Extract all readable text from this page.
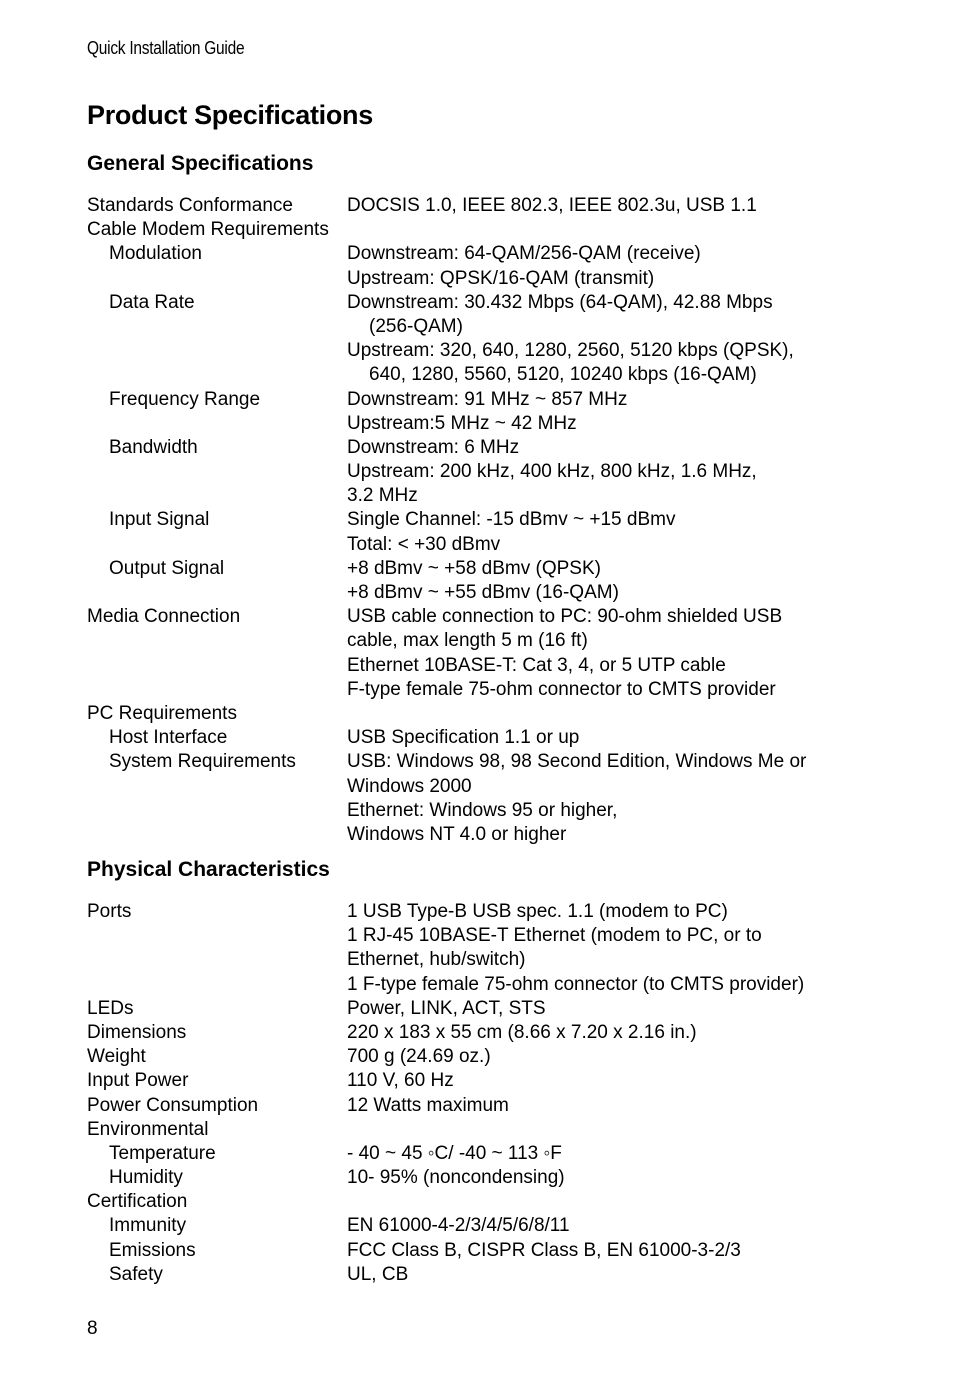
Quick Installation Guide
Product Specifications
General Specifications
Standards Conformance	DOCSIS 1.0, IEEE 802.3, IEEE 802.3u, USB 1.1
Cable Modem Requirements
Modulation	Downstream: 64-QAM/256-QAM (receive)
Upstream: QPSK/16-QAM (transmit)
Data Rate	Downstream: 30.432 Mbps (64-QAM), 42.88 Mbps
(256-QAM)
Upstream: 320, 640, 1280, 2560, 5120 kbps (QPSK),
640, 1280, 5560, 5120, 10240 kbps (16-QAM)
Frequency Range	Downstream: 91 MHz ~ 857 MHz
Upstream:5 MHz ~ 42 MHz
Bandwidth	Downstream: 6 MHz
Upstream: 200 kHz, 400 kHz, 800 kHz, 1.6 MHz,
3.2 MHz
Input Signal	Single Channel: -15 dBmv ~ +15 dBmv
Total: < +30 dBmv
Output Signal	+8 dBmv ~ +58 dBmv (QPSK)
+8 dBmv ~ +55 dBmv (16-QAM)
Media Connection	USB cable connection to PC: 90-ohm shielded USB
cable, max length 5 m (16 ft)
Ethernet 10BASE-T: Cat 3, 4, or 5 UTP cable
F-type female 75-ohm connector to CMTS provider
PC Requirements
Host Interface	USB Specification 1.1 or up
System Requirements	USB: Windows 98, 98 Second Edition, Windows Me or
Windows 2000
Ethernet: Windows 95 or higher,
Windows NT 4.0 or higher
Physical Characteristics
Ports	1 USB Type-B USB spec. 1.1 (modem to PC)
1 RJ-45 10BASE-T Ethernet (modem to PC, or to
Ethernet, hub/switch)
1 F-type female 75-ohm connector (to CMTS provider)
LEDs	Power, LINK, ACT, STS
Dimensions	220 x 183 x 55 cm (8.66 x 7.20 x 2.16 in.)
Weight	700 g (24.69 oz.)
Input Power	110 V, 60 Hz
Power Consumption	12 Watts maximum
Environmental
Temperature	- 40 ~ 45 ◦C/ -40 ~ 113 ◦F
Humidity	10- 95% (noncondensing)
Certification
Immunity	EN 61000-4-2/3/4/5/6/8/11
Emissions	FCC Class B, CISPR Class B, EN 61000-3-2/3
Safety	UL, CB
8
